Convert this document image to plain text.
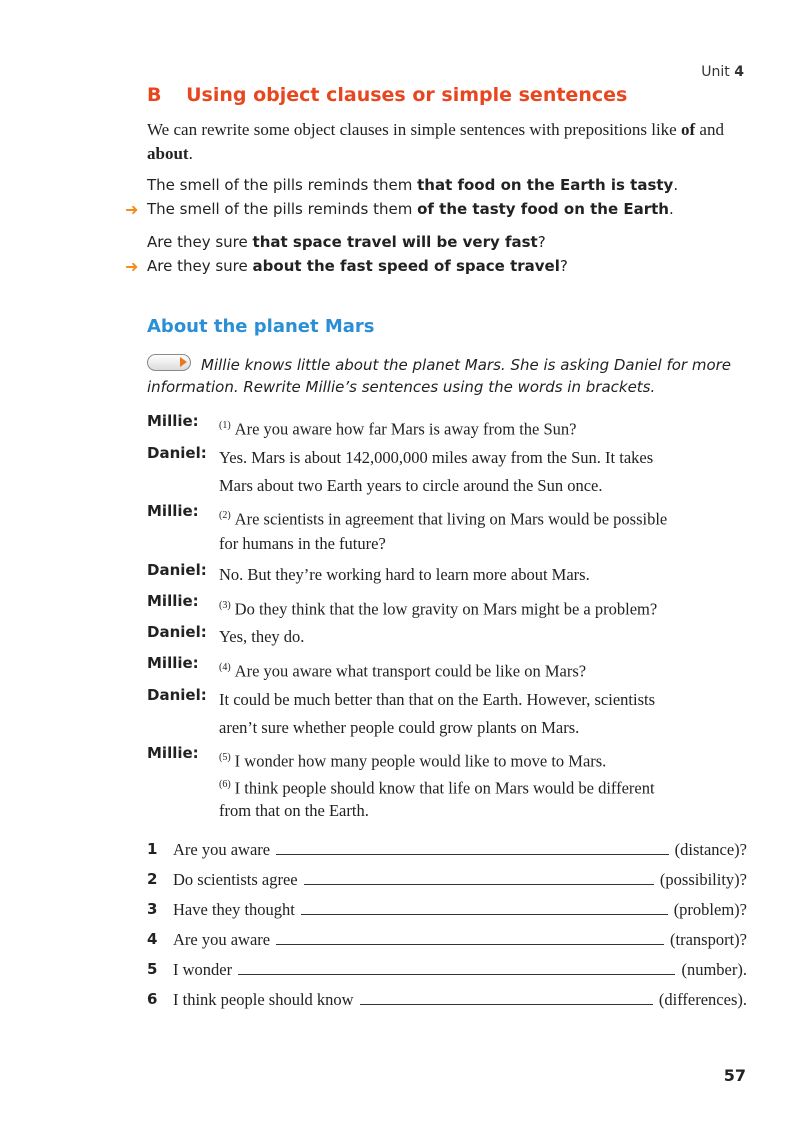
Unit 4
B Using object clauses or simple sentences
We can rewrite some object clauses in simple sentences with prepositions like of and about.
The smell of the pills reminds them that food on the Earth is tasty.
➜ The smell of the pills reminds them of the tasty food on the Earth.
Are they sure that space travel will be very fast?
➜ Are they sure about the fast speed of space travel?
About the planet Mars
Millie knows little about the planet Mars. She is asking Daniel for more information. Rewrite Millie’s sentences using the words in brackets.
Millie: $^{(1)}$ Are you aware how far Mars is away from the Sun?
Daniel: Yes. Mars is about 142,000,000 miles away from the Sun. It takes
Mars about two Earth years to circle around the Sun once.
Millie: $^{(2)}$ Are scientists in agreement that living on Mars would be possible
for humans in the future?
Daniel: No. But they’re working hard to learn more about Mars.
Millie: $^{(3)}$ Do they think that the low gravity on Mars might be a problem?
Daniel: Yes, they do.
Millie: $^{(4)}$ Are you aware what transport could be like on Mars?
Daniel: It could be much better than that on the Earth. However, scientists
aren’t sure whether people could grow plants on Mars.
Millie: $^{(5)}$ I wonder how many people would like to move to Mars.
$^{(6)}$ I think people should know that life on Mars would be different
from that on the Earth.
1 Are you aware	(distance)?
2 Do scientists agree	(possibility)?
3 Have they thought	(problem)?
4 Are you aware	(transport)?
5 I wonder	(number).
6 I think people should know	(differences).
57
